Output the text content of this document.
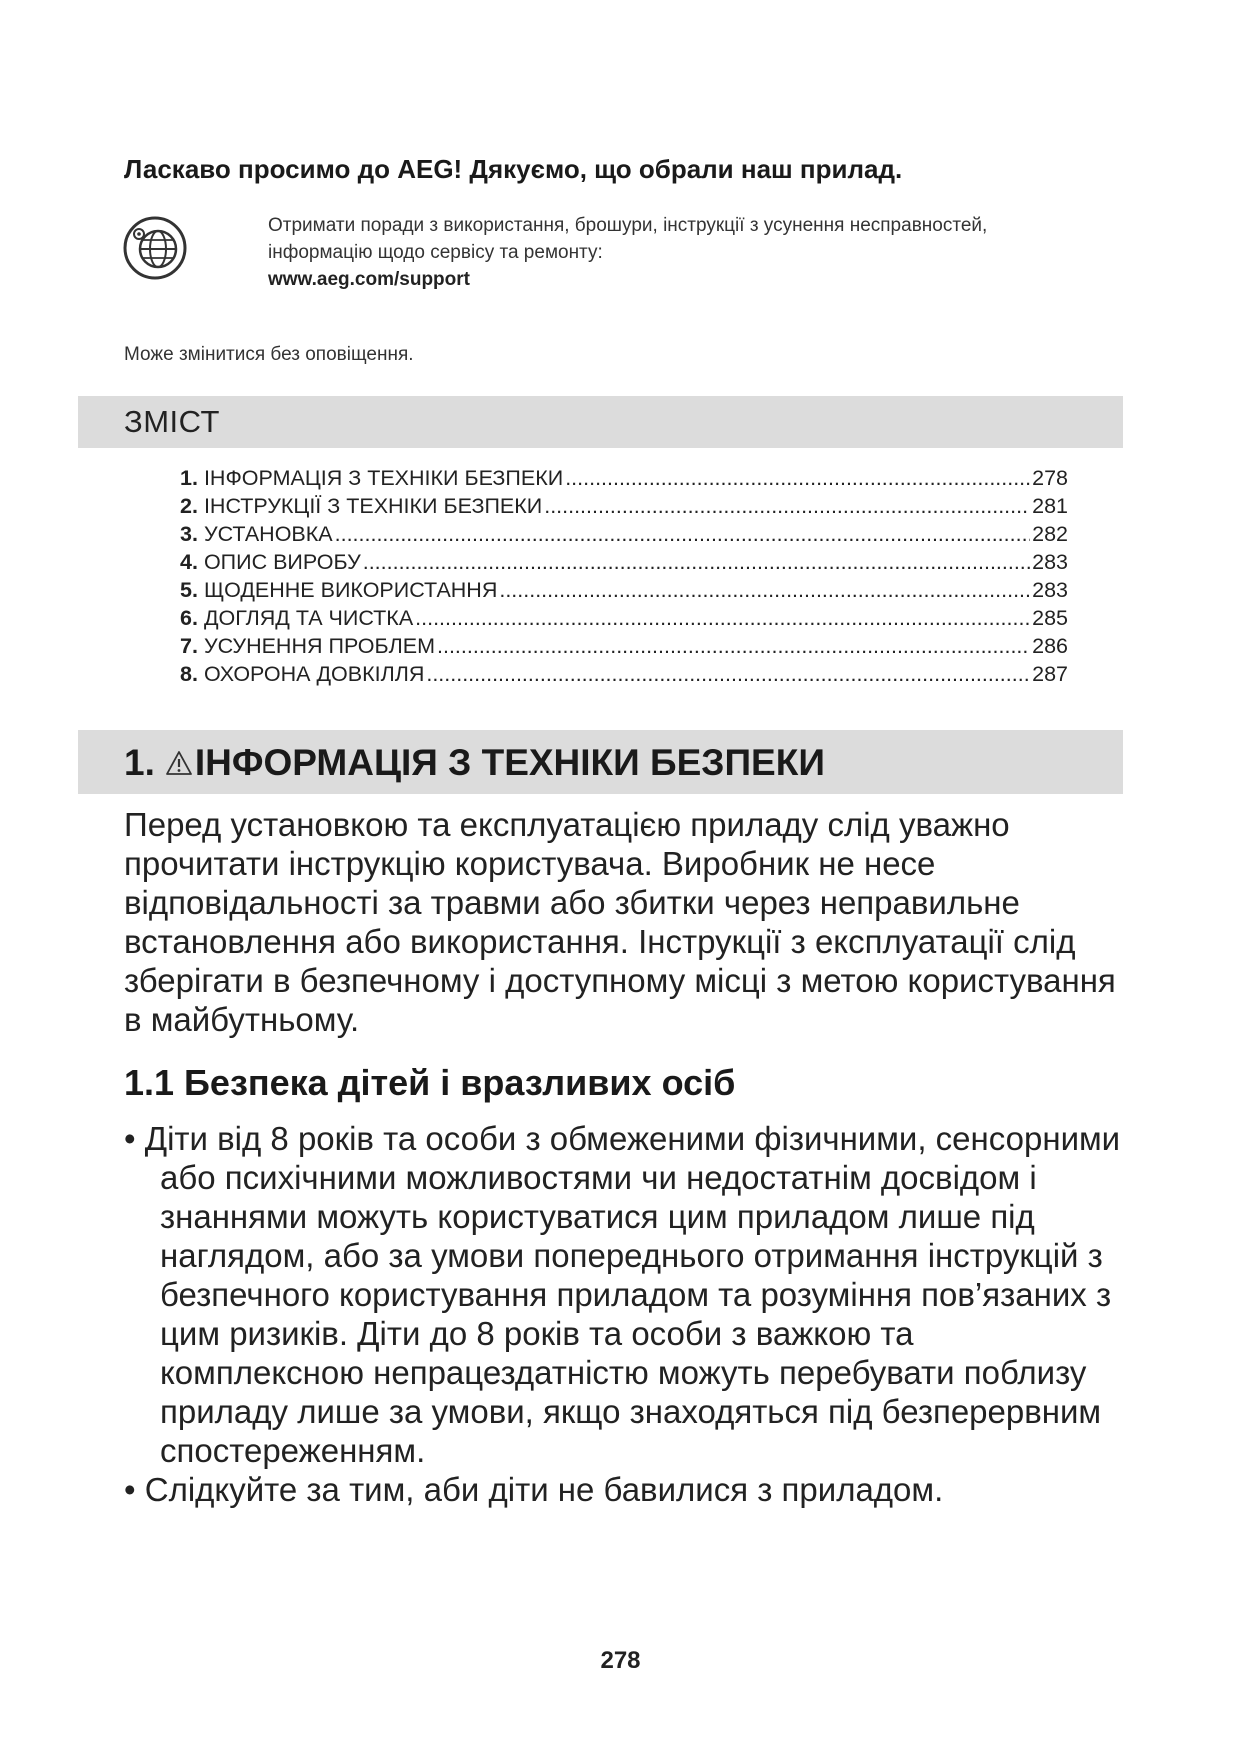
Ласкаво просимо до AEG! Дякуємо, що обрали наш прилад.
Отримати поради з використання, брошури, інструкції з усунення несправностей,
інформацію щодо сервісу та ремонту:
www.aeg.com/support
Може змінитися без оповіщення.
ЗМІСТ
1. ІНФОРМАЦІЯ З ТЕХНІКИ БЕЗПЕКИ .....	278
2. ІНСТРУКЦІЇ З ТЕХНІКИ БЕЗПЕКИ .....	281
3. УСТАНОВКА .....	282
4. ОПИС ВИРОБУ .....	283
5. ЩОДЕННЕ ВИКОРИСТАННЯ .....	283
6. ДОГЛЯД ТА ЧИСТКА .....	285
7. УСУНЕННЯ ПРОБЛЕМ .....	286
8. ОХОРОНА ДОВКІЛЛЯ .....	287
1. ІНФОРМАЦІЯ З ТЕХНІКИ БЕЗПЕКИ

Перед установкою та експлуатацією приладу слід уважно прочитати інструкцію користувача. Виробник не несе відповідальності за травми або збитки через неправильне встановлення або використання. Інструкції з експлуатації слід зберігати в безпечному і доступному місці з метою користування в майбутньому.

1.1 Безпека дітей і вразливих осіб
• Діти від 8 років та особи з обмеженими фізичними, сенсорними або психічними можливостями чи недостатнім досвідом і знаннями можуть користуватися цим приладом лише під наглядом, або за умови попереднього отримання інструкцій з безпечного користування приладом та розуміння пов’язаних з цим ризиків. Діти до 8 років та особи з важкою та комплексною непрацездатністю можуть перебувати поблизу приладу лише за умови, якщо знаходяться під безперервним спостереженням.
• Слідкуйте за тим, аби діти не бавилися з приладом.
278
